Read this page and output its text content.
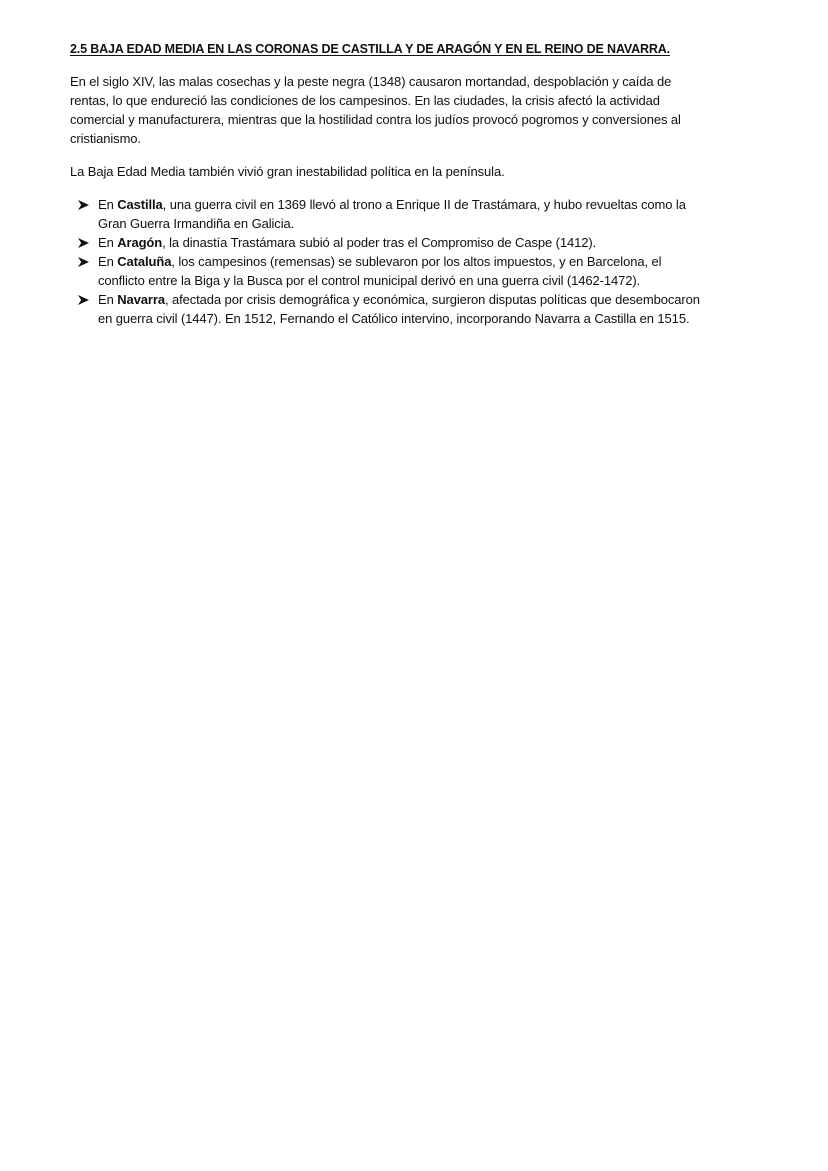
2.5 BAJA EDAD MEDIA EN LAS CORONAS DE CASTILLA Y DE ARAGÓN Y EN EL REINO DE NAVARRA.

En el siglo XIV, las malas cosechas y la peste negra (1348) causaron mortandad, despoblación y caída de rentas, lo que endureció las condiciones de los campesinos. En las ciudades, la crisis afectó la actividad comercial y manufacturera, mientras que la hostilidad contra los judíos provocó pogromos y conversiones al cristianismo.

La Baja Edad Media también vivió gran inestabilidad política en la península.

En Castilla, una guerra civil en 1369 llevó al trono a Enrique II de Trastámara, y hubo revueltas como la Gran Guerra Irmandiña en Galicia.
En Aragón, la dinastía Trastámara subió al poder tras el Compromiso de Caspe (1412).
En Cataluña, los campesinos (remensas) se sublevaron por los altos impuestos, y en Barcelona, el conflicto entre la Biga y la Busca por el control municipal derivó en una guerra civil (1462-1472).
En Navarra, afectada por crisis demográfica y económica, surgieron disputas políticas que desembocaron en guerra civil (1447). En 1512, Fernando el Católico intervino, incorporando Navarra a Castilla en 1515.
